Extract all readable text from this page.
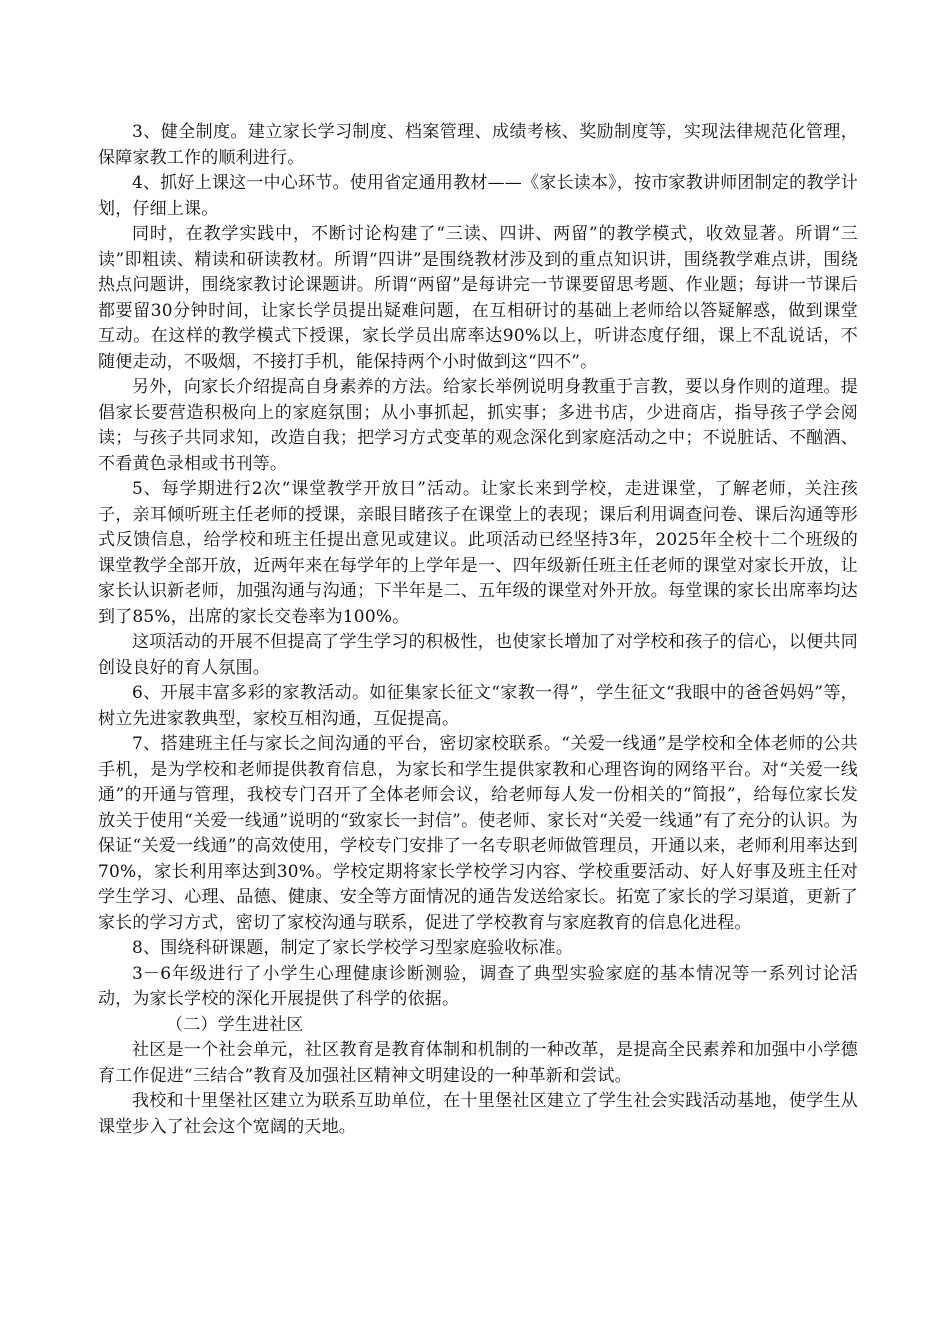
3、健全制度。建立家长学习制度、档案管理、成绩考核、奖励制度等，实现法律规范化管理，保障家教工作的顺利进行。

4、抓好上课这一中心环节。使用省定通用教材——《家长读本》，按市家教讲师团制定的教学计划，仔细上课。

同时，在教学实践中，不断讨论构建了“三读、四讲、两留”的教学模式，收效显著。所谓“三读”即粗读、精读和研读教材。所谓“四讲”是围绕教材涉及到的重点知识讲，围绕教学难点讲，围绕热点问题讲，围绕家教讨论课题讲。所谓“两留”是每讲完一节课要留思考题、作业题；每讲一节课后都要留30分钟时间，让家长学员提出疑难问题，在互相研讨的基础上老师给以答疑解惑，做到课堂互动。在这样的教学模式下授课，家长学员出席率达90%以上，听讲态度仔细，课上不乱说话，不随便走动，不吸烟，不接打手机，能保持两个小时做到这“四不”。

另外，向家长介绍提高自身素养的方法。给家长举例说明身教重于言教，要以身作则的道理。提倡家长要营造积极向上的家庭氛围；从小事抓起，抓实事；多进书店，少进商店，指导孩子学会阅读；与孩子共同求知，改造自我；把学习方式变革的观念深化到家庭活动之中；不说脏话、不酗酒、不看黄色录相或书刊等。

5、每学期进行2次“课堂教学开放日”活动。让家长来到学校，走进课堂，了解老师，关注孩子，亲耳倾听班主任老师的授课，亲眼目睹孩子在课堂上的表现；课后利用调查问卷、课后沟通等形式反馈信息，给学校和班主任提出意见或建议。此项活动已经坚持3年，2025年全校十二个班级的课堂教学全部开放，近两年来在每学年的上学年是一、四年级新任班主任老师的课堂对家长开放，让家长认识新老师，加强沟通与沟通；下半年是二、五年级的课堂对外开放。每堂课的家长出席率均达到了85%，出席的家长交卷率为100%。

这项活动的开展不但提高了学生学习的积极性，也使家长增加了对学校和孩子的信心，以便共同创设良好的育人氛围。

6、开展丰富多彩的家教活动。如征集家长征文“家教一得”，学生征文“我眼中的爸爸妈妈”等，树立先进家教典型，家校互相沟通，互促提高。

7、搭建班主任与家长之间沟通的平台，密切家校联系。“关爱一线通”是学校和全体老师的公共手机，是为学校和老师提供教育信息，为家长和学生提供家教和心理咨询的网络平台。对“关爱一线通”的开通与管理，我校专门召开了全体老师会议，给老师每人发一份相关的“简报”，给每位家长发放关于使用“关爱一线通”说明的“致家长一封信”。使老师、家长对“关爱一线通”有了充分的认识。为保证“关爱一线通”的高效使用，学校专门安排了一名专职老师做管理员，开通以来，老师利用率达到70%，家长利用率达到30%。学校定期将家长学校学习内容、学校重要活动、好人好事及班主任对学生学习、心理、品德、健康、安全等方面情况的通告发送给家长。拓宽了家长的学习渠道，更新了家长的学习方式，密切了家校沟通与联系，促进了学校教育与家庭教育的信息化进程。

8、围绕科研课题，制定了家长学校学习型家庭验收标准。

3－6年级进行了小学生心理健康诊断测验，调查了典型实验家庭的基本情况等一系列讨论活动，为家长学校的深化开展提供了科学的依据。

（二）学生进社区

社区是一个社会单元，社区教育是教育体制和机制的一种改革，是提高全民素养和加强中小学德育工作促进“三结合”教育及加强社区精神文明建设的一种革新和尝试。

我校和十里堡社区建立为联系互助单位，在十里堡社区建立了学生社会实践活动基地，使学生从课堂步入了社会这个宽阔的天地。
